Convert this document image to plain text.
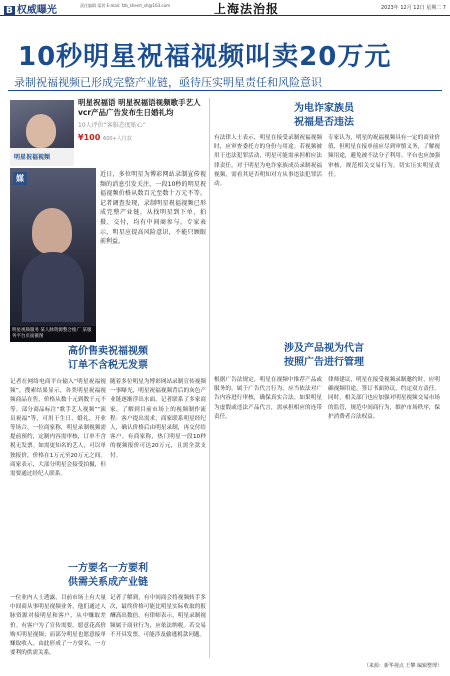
B 权威曝光	责任编辑 梁玥 E-mail: fzb_shenh_sh@163.com	上海法治报	2023年 12月 12日 星期二 7
10秒明星祝福视频叫卖20万元
录制祝福视频已形成完整产业链，亟待压实明星责任和风险意识
明星祝福视频
明星祝福语 明星祝福语视频歌手艺人vcr产品广告发布生日婚礼均
10人评价“客服态度贴心”
¥100 600+人付款
媒
明星视频服务 某人脉资源整合推广 某服务平台页面截图
近日，多位明星为博彩网站录制宣传视频的消息引发关注，一段10秒的明星祝福视频价格从数百元至数十万元不等。记者调查发现，录制明星祝福视频已形成完整产业链，从找明星到下单、拍摄、交付，均有中间商参与。专家表示，明星应提高风险意识，不能只顾眼前利益。
为电诈家族员
祝福是否违法
有法律人士表示，明星在接受录制祝福视频时，应审查委托方的身份与用途。若视频被用于违法犯罪活动，明星可能需承担相应法律责任。对于明星为电诈家族成员录制祝福视频，需看其是否明知对方从事违法犯罪活动。
专家认为，明星的祝福视频具有一定的商业价值，但明星在接单前应尽到审慎义务，了解视频用途，避免被不法分子利用。平台也应加强审核，规范相关交易行为，切实压实明星责任。
高价售卖祝福视频
订单不含税无发票
记者在网络电商平台输入“明星祝福视频”，搜索结果显示，各类明星祝福视频商品在售，价格从数十元到数千元不等。部分商品标注“歌手艺人视频”“演员祝福”等，可用于生日、婚礼、开业等场合。一位商家称，明星录制视频需提前预约，定制内容需审核，订单不含税无发票。如需更知名的艺人，可以单独报价，价格在1万元至20万元之间。商家表示，大部分明星会接受拍摄，但需要通过经纪人联系。
随着多位明星为博彩网站录制宣传视频一事曝光，明星祝福视频背后的灰色产业链逐渐浮出水面。记者联系了多家商家，了解到目前市场上的视频制作流程：客户提出需求，商家联系明星经纪人，确认价格后由明星录制，再交付给客户。有商家称，热门明星一段10秒的视频报价可达20万元，且需全款支付。
一方要名一方要利
供需关系成产业链
一位业内人士透露，目前市场上有大量中间商从事明星视频业务，他们通过人脉资源对接明星和客户，从中赚取差价。有客户为了宣传需要，愿意花高价购买明星视频；而部分明星也愿意接单赚取收入。由此形成了一方要名、一方要利的供需关系。
记者了解到，有中间商会将视频转手多次，最终价格可能比明星实际收取的报酬高出数倍。有律师表示，明星录制视频属于商业行为，应依法纳税。若交易不开具发票，可能涉及偷逃税款问题。
涉及产品视为代言
按照广告进行管理
根据广告法规定，明星在视频中推荐产品或服务的，属于广告代言行为，应当依法对广告内容进行审核，确保真实合法。如果明星为虚假或违法产品代言，需承担相应的连带责任。
律师建议，明星在接受视频录制邀约时，应明确视频用途，签订书面协议，约定双方责任。同时，相关部门也应加强对明星视频交易市场的监管，规范中间商行为，维护市场秩序，保护消费者合法权益。
（来源：新华视点 王攀 编辑整理）
